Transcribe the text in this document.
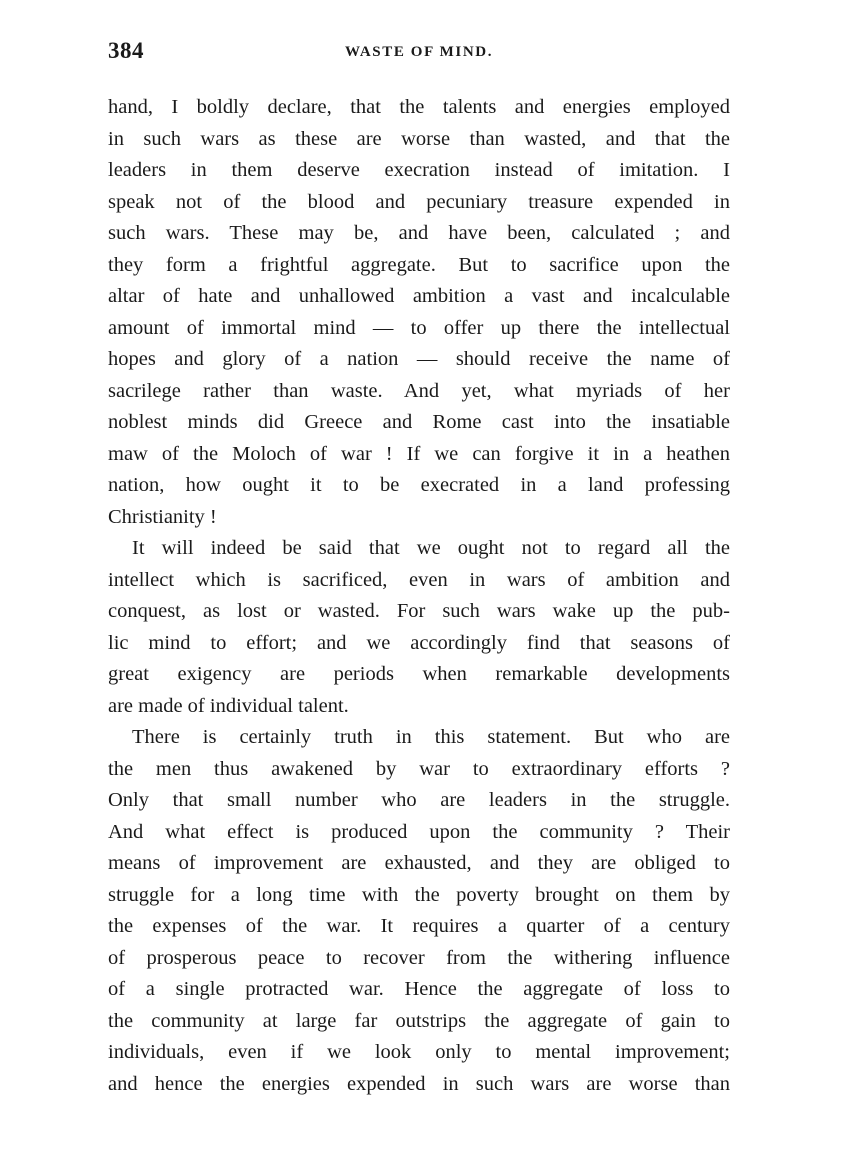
384	WASTE OF MIND.
hand, I boldly declare, that the talents and energies employed
in such wars as these are worse than wasted, and that the
leaders in them deserve execration instead of imitation. I
speak not of the blood and pecuniary treasure expended in
such wars. These may be, and have been, calculated ; and
they form a frightful aggregate. But to sacrifice upon the
altar of hate and unhallowed ambition a vast and incalculable
amount of immortal mind — to offer up there the intellectual
hopes and glory of a nation — should receive the name of
sacrilege rather than waste. And yet, what myriads of her
noblest minds did Greece and Rome cast into the insatiable
maw of the Moloch of war ! If we can forgive it in a heathen
nation, how ought it to be execrated in a land professing
Christianity !
It will indeed be said that we ought not to regard all the
intellect which is sacrificed, even in wars of ambition and
conquest, as lost or wasted. For such wars wake up the pub-
lic mind to effort; and we accordingly find that seasons of
great exigency are periods when remarkable developments
are made of individual talent.
There is certainly truth in this statement. But who are
the men thus awakened by war to extraordinary efforts ?
Only that small number who are leaders in the struggle.
And what effect is produced upon the community ? Their
means of improvement are exhausted, and they are obliged to
struggle for a long time with the poverty brought on them by
the expenses of the war. It requires a quarter of a century
of prosperous peace to recover from the withering influence
of a single protracted war. Hence the aggregate of loss to
the community at large far outstrips the aggregate of gain to
individuals, even if we look only to mental improvement;
and hence the energies expended in such wars are worse than
